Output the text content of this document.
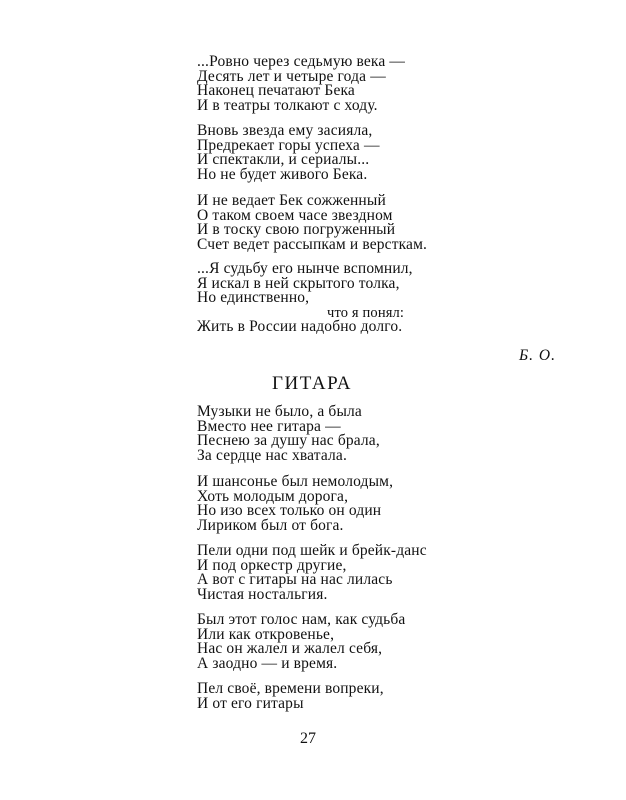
...Ровно через седьмую века —
Десять лет и четыре года —
Наконец печатают Бека
И в театры толкают с ходу.
Вновь звезда ему засияла,
Предрекает горы успеха —
И спектакли, и сериалы...
Но не будет живого Бека.
И не ведает Бек сожженный
О таком своем часе звездном
И в тоску свою погруженный
Счет ведет рассыпкам и версткам.
...Я судьбу его нынче вспомнил,
Я искал в ней скрытого толка,
Но единственно,
что я понял:
Жить в России надобно долго.
Б. О.
ГИТАРА
Музыки не было, а была
Вместо нее гитара —
Песнею за душу нас брала,
За сердце нас хватала.
И шансонье был немолодым,
Хоть молодым дорога,
Но изо всех только он один
Лириком был от бога.
Пели одни под шейк и брейк-данс
И под оркестр другие,
А вот с гитары на нас лилась
Чистая ностальгия.
Был этот голос нам, как судьба
Или как откровенье,
Нас он жалел и жалел себя,
А заодно — и время.
Пел своё, времени вопреки,
И от его гитары
27
